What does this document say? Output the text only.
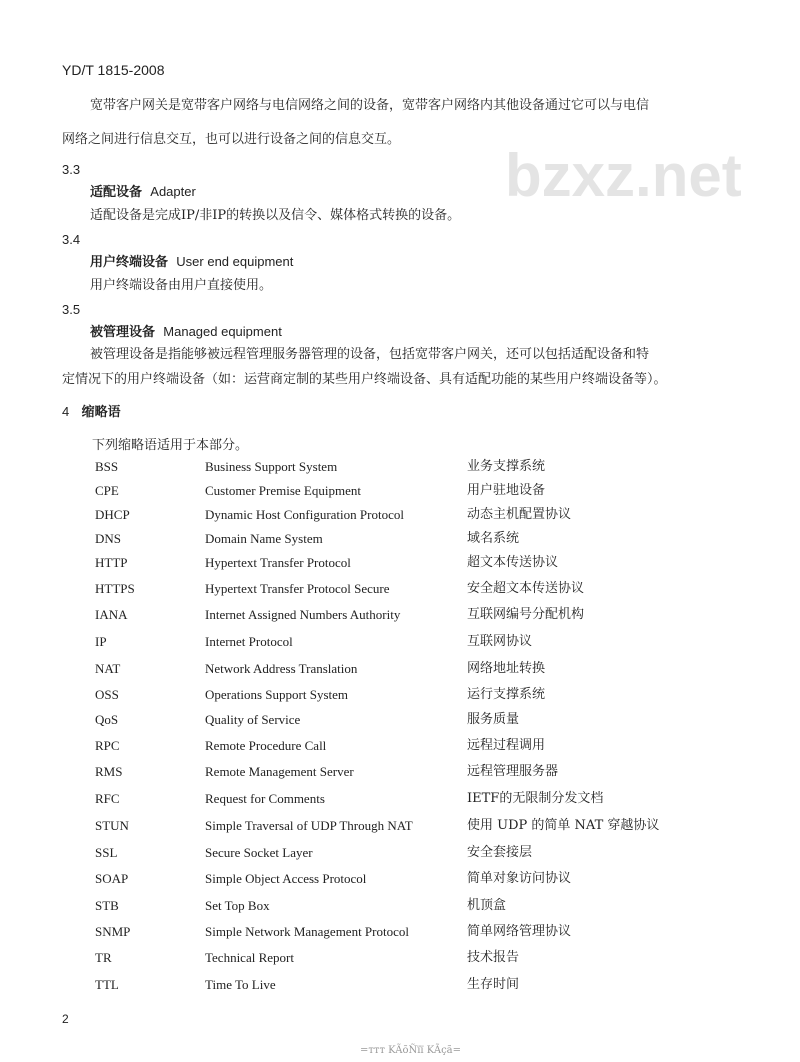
bzxz.net
YD/T 1815-2008
宽带客户网关是宽带客户网络与电信网络之间的设备，宽带客户网络内其他设备通过它可以与电信
网络之间进行信息交互，也可以进行设备之间的信息交互。
3.3
适配设备 Adapter
适配设备是完成IP/非IP的转换以及信令、媒体格式转换的设备。
3.4
用户终端设备 User end equipment
用户终端设备由用户直接使用。
3.5
被管理设备 Managed equipment
被管理设备是指能够被远程管理服务器管理的设备，包括宽带客户网关，还可以包括适配设备和特
定情况下的用户终端设备（如：运营商定制的某些用户终端设备、具有适配功能的某些用户终端设备等）。
4 缩略语
下列缩略语适用于本部分。
BSS	Business Support System	业务支撑系统
CPE	Customer Premise Equipment	用户驻地设备
DHCP	Dynamic Host Configuration Protocol	动态主机配置协议
DNS	Domain Name System	域名系统
HTTP	Hypertext Transfer Protocol	超文本传送协议
HTTPS	Hypertext Transfer Protocol Secure	安全超文本传送协议
IANA	Internet Assigned Numbers Authority	互联网编号分配机构
IP	Internet Protocol	互联网协议
NAT	Network Address Translation	网络地址转换
OSS	Operations Support System	运行支撑系统
QoS	Quality of Service	服务质量
RPC	Remote Procedure Call	远程过程调用
RMS	Remote Management Server	远程管理服务器
RFC	Request for Comments	IETF的无限制分发文档
STUN	Simple Traversal of UDP Through NAT	使用 UDP 的简单 NAT 穿越协议
SSL	Secure Socket Layer	安全套接层
SOAP	Simple Object Access Protocol	简单对象访问协议
STB	Set Top Box	机顶盒
SNMP	Simple Network Management Protocol	简单网络管理协议
TR	Technical Report	技术报告
TTL	Time To Live	生存时间
2
=ттт KÃõÑïï KÃçã=
